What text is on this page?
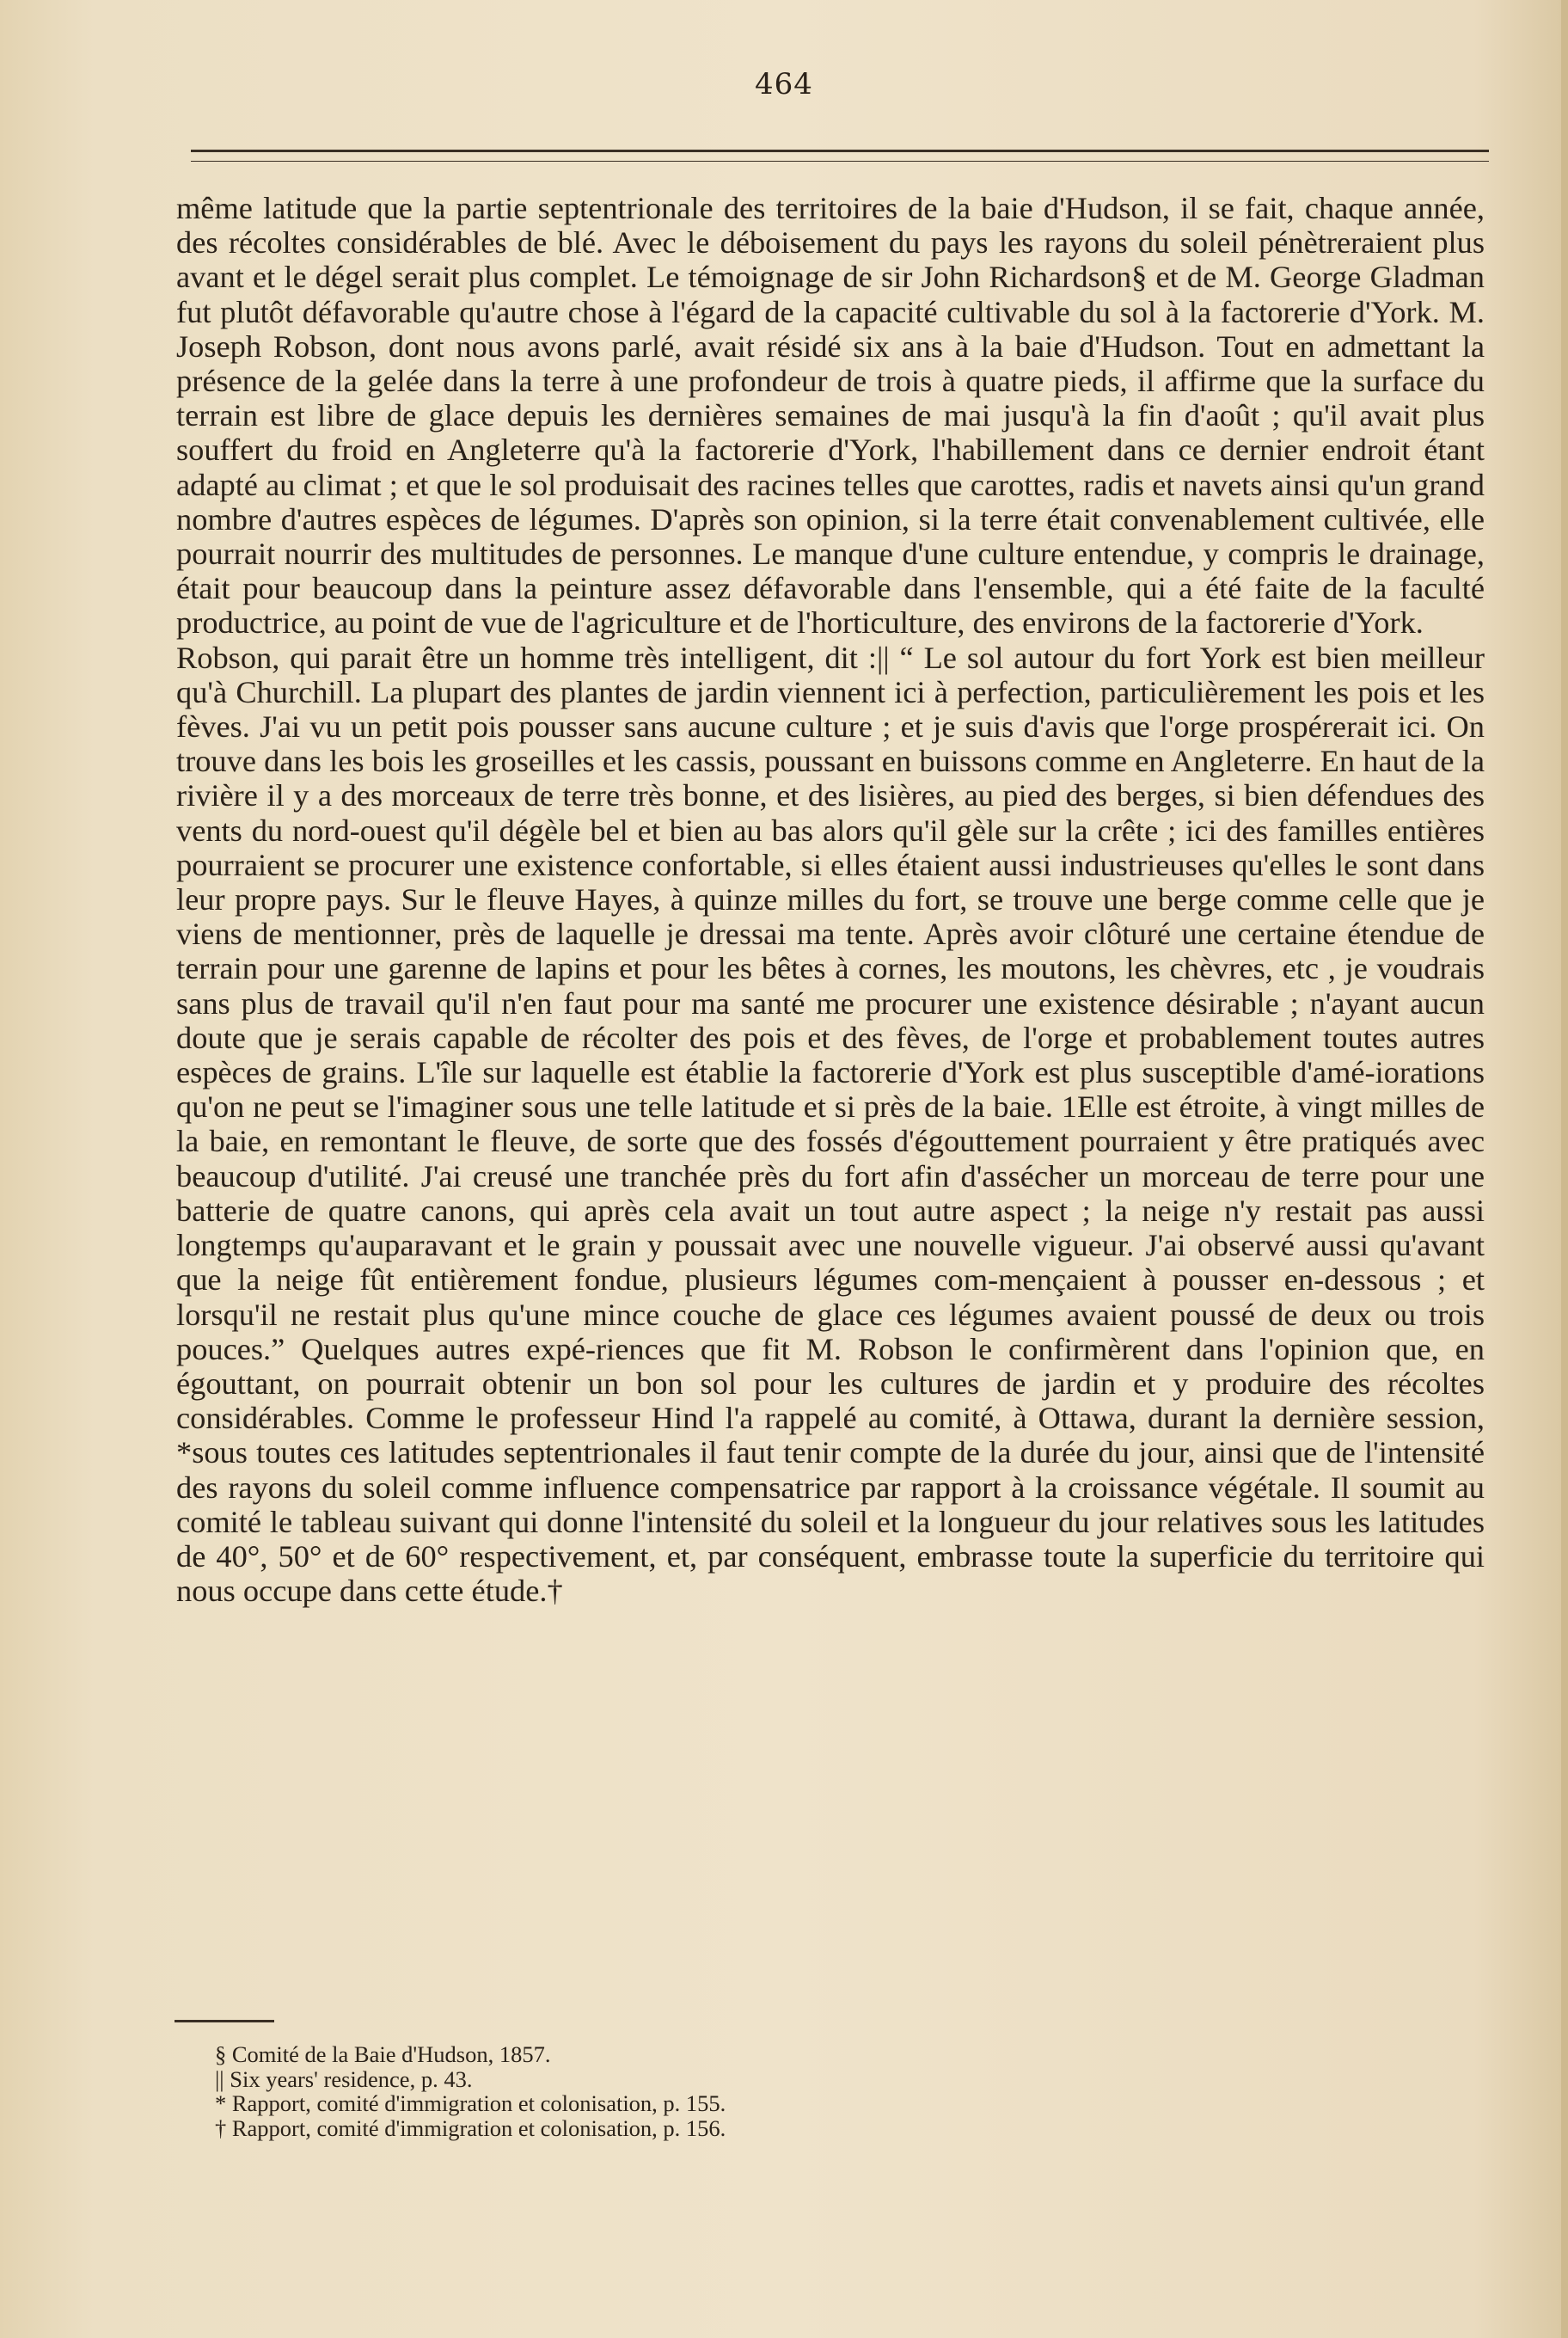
464

même latitude que la partie septentrionale des territoires de la baie d'Hudson, il se fait, chaque année, des récoltes considérables de blé. Avec le déboisement du pays les rayons du soleil pénètreraient plus avant et le dégel serait plus complet. Le témoignage de sir John Richardson§ et de M. George Gladman fut plutôt défavorable qu'autre chose à l'égard de la capacité cultivable du sol à la factorerie d'York. M. Joseph Robson, dont nous avons parlé, avait résidé six ans à la baie d'Hudson. Tout en admettant la présence de la gelée dans la terre à une profondeur de trois à quatre pieds, il affirme que la surface du terrain est libre de glace depuis les dernières semaines de mai jusqu'à la fin d'août ; qu'il avait plus souffert du froid en Angleterre qu'à la factorerie d'York, l'habillement dans ce dernier endroit étant adapté au climat ; et que le sol produisait des racines telles que carottes, radis et navets ainsi qu'un grand nombre d'autres espèces de légumes. D'après son opinion, si la terre était convenablement cultivée, elle pourrait nourrir des multitudes de personnes. Le manque d'une culture entendue, y compris le drainage, était pour beaucoup dans la peinture assez défavorable dans l'ensemble, qui a été faite de la faculté productrice, au point de vue de l'agriculture et de l'horticulture, des environs de la factorerie d'York.

Robson, qui parait être un homme très intelligent, dit :|| “ Le sol autour du fort York est bien meilleur qu'à Churchill. La plupart des plantes de jardin viennent ici à perfection, particulièrement les pois et les fèves. J'ai vu un petit pois pousser sans aucune culture ; et je suis d'avis que l'orge prospérerait ici. On trouve dans les bois les groseilles et les cassis, poussant en buissons comme en Angleterre. En haut de la rivière il y a des morceaux de terre très bonne, et des lisières, au pied des berges, si bien défendues des vents du nord-ouest qu'il dégèle bel et bien au bas alors qu'il gèle sur la crête ; ici des familles entières pourraient se procurer une existence confortable, si elles étaient aussi industrieuses qu'elles le sont dans leur propre pays. Sur le fleuve Hayes, à quinze milles du fort, se trouve une berge comme celle que je viens de mentionner, près de laquelle je dressai ma tente. Après avoir clôturé une certaine étendue de terrain pour une garenne de lapins et pour les bêtes à cornes, les moutons, les chèvres, etc , je voudrais sans plus de travail qu'il n'en faut pour ma santé me procurer une existence désirable ; n'ayant aucun doute que je serais capable de récolter des pois et des fèves, de l'orge et probablement toutes autres espèces de grains. L'île sur laquelle est établie la factorerie d'York est plus susceptible d'amé-iorations qu'on ne peut se l'imaginer sous une telle latitude et si près de la baie. 1Elle est étroite, à vingt milles de la baie, en remontant le fleuve, de sorte que des fossés d'égouttement pourraient y être pratiqués avec beaucoup d'utilité. J'ai creusé une tranchée près du fort afin d'assécher un morceau de terre pour une batterie de quatre canons, qui après cela avait un tout autre aspect ; la neige n'y restait pas aussi longtemps qu'auparavant et le grain y poussait avec une nouvelle vigueur. J'ai observé aussi qu'avant que la neige fût entièrement fondue, plusieurs légumes com-mençaient à pousser en-dessous ; et lorsqu'il ne restait plus qu'une mince couche de glace ces légumes avaient poussé de deux ou trois pouces.” Quelques autres expé-riences que fit M. Robson le confirmèrent dans l'opinion que, en égouttant, on pourrait obtenir un bon sol pour les cultures de jardin et y produire des récoltes considérables. Comme le professeur Hind l'a rappelé au comité, à Ottawa, durant la dernière session, *sous toutes ces latitudes septentrionales il faut tenir compte de la durée du jour, ainsi que de l'intensité des rayons du soleil comme influence compensatrice par rapport à la croissance végétale. Il soumit au comité le tableau suivant qui donne l'intensité du soleil et la longueur du jour relatives sous les latitudes de 40°, 50° et de 60° respectivement, et, par conséquent, embrasse toute la superficie du territoire qui nous occupe dans cette étude.†

§ Comité de la Baie d'Hudson, 1857.
|| Six years' residence, p. 43.
* Rapport, comité d'immigration et colonisation, p. 155.
† Rapport, comité d'immigration et colonisation, p. 156.
